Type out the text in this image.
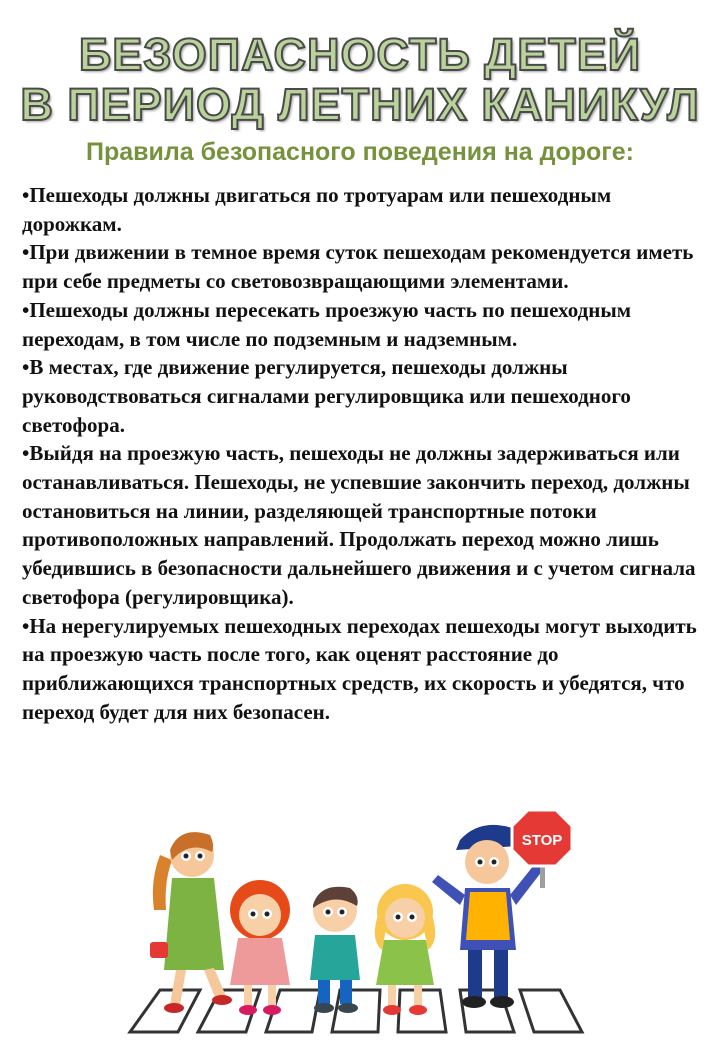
БЕЗОПАСНОСТЬ ДЕТЕЙ
В ПЕРИОД ЛЕТНИХ КАНИКУЛ
Правила безопасного поведения на дороге:
•Пешеходы должны двигаться по тротуарам или пешеходным дорожкам.
•При движении в темное время суток пешеходам рекомендуется иметь при себе предметы со световозвращающими элементами.
•Пешеходы должны пересекать проезжую часть по пешеходным переходам, в том числе по подземным и надземным.
•В местах, где движение регулируется, пешеходы должны руководствоваться сигналами регулировщика или пешеходного светофора.
•Выйдя на проезжую часть, пешеходы не должны задерживаться или останавливаться. Пешеходы, не успевшие закончить переход, должны остановиться на линии, разделяющей транспортные потоки противоположных направлений. Продолжать переход можно лишь убедившись в безопасности дальнейшего движения и с учетом сигнала светофора (регулировщика).
•На нерегулируемых пешеходных переходах пешеходы могут выходить на проезжую часть после того, как оценят расстояние до приближающихся транспортных средств, их скорость и убедятся, что переход будет для них безопасен.
STOP
